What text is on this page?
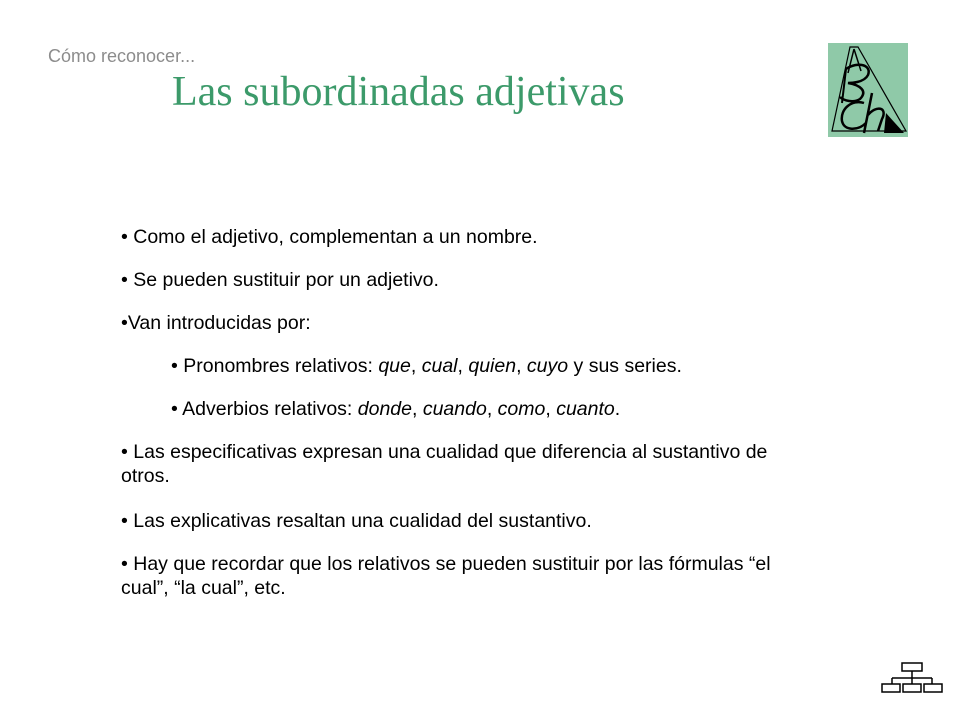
Cómo reconocer...
Las subordinadas adjetivas
• Como el adjetivo, complementan a un nombre.
• Se pueden sustituir por un adjetivo.
•Van introducidas por:
• Pronombres relativos: que, cual, quien, cuyo y sus series.
• Adverbios relativos: donde, cuando, como, cuanto.
• Las especificativas expresan una cualidad que diferencia al sustantivo de otros.
• Las explicativas resaltan una cualidad del sustantivo.
• Hay que recordar que los relativos se pueden sustituir por las fórmulas “el cual”, “la cual”, etc.
